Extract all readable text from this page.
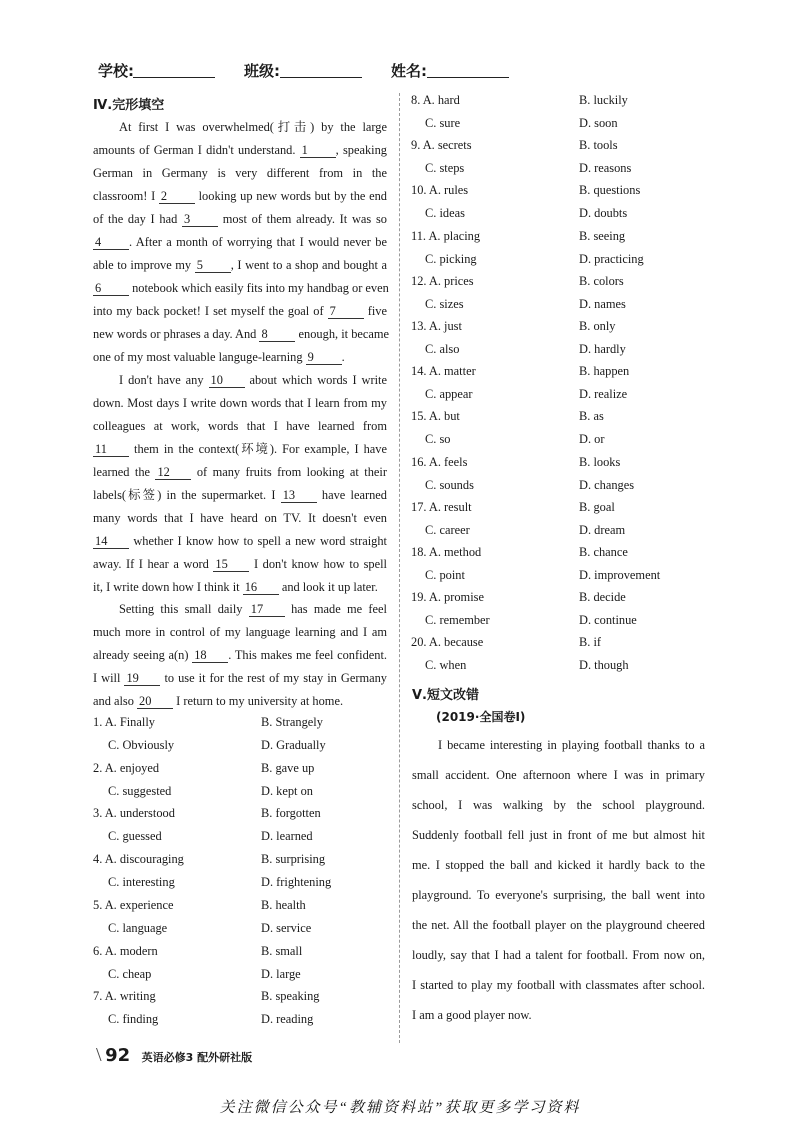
学校:	班级:	姓名:
Ⅳ.完形填空
At first I was overwhelmed(打击) by the large
amounts of German I didn't understand. 1 , speaking
German in Germany is very different from in the
classroom! I 2 looking up new words but by the end
of the day I had 3 most of them already. It was so
4 . After a month of worrying that I would never be
able to improve my 5 , I went to a shop and bought a
6 notebook which easily fits into my handbag or even
into my back pocket! I set myself the goal of 7 five
new words or phrases a day. And 8 enough, it became
one of my most valuable languge-learning 9 .
I don't have any 10 about which words I write
down. Most days I write down words that I learn from my
colleagues at work, words that I have learned from
11 them in the context(环境). For example, I have
learned the 12 of many fruits from looking at their
labels(标签) in the supermarket. I 13 have learned
many words that I have heard on TV. It doesn't even
14 whether I know how to spell a new word straight
away. If I hear a word 15 I don't know how to spell
it, I write down how I think it 16 and look it up later.
Setting this small daily 17 has made me feel
much more in control of my language learning and I am
already seeing a(n) 18 . This makes me feel confident.
I will 19 to use it for the rest of my stay in Germany
and also 20 I return to my university at home.
1. A. Finally	B. Strangely
C. Obviously	D. Gradually
2. A. enjoyed	B. gave up
C. suggested	D. kept on
3. A. understood	B. forgotten
C. guessed	D. learned
4. A. discouraging	B. surprising
C. interesting	D. frightening
5. A. experience	B. health
C. language	D. service
6. A. modern	B. small
C. cheap	D. large
7. A. writing	B. speaking
C. finding	D. reading
8. A. hard	B. luckily
C. sure	D. soon
9. A. secrets	B. tools
C. steps	D. reasons
10. A. rules	B. questions
C. ideas	D. doubts
11. A. placing	B. seeing
C. picking	D. practicing
12. A. prices	B. colors
C. sizes	D. names
13. A. just	B. only
C. also	D. hardly
14. A. matter	B. happen
C. appear	D. realize
15. A. but	B. as
C. so	D. or
16. A. feels	B. looks
C. sounds	D. changes
17. A. result	B. goal
C. career	D. dream
18. A. method	B. chance
C. point	D. improvement
19. A. promise	B. decide
C. remember	D. continue
20. A. because	B. if
C. when	D. though
Ⅴ.短文改错
(2019·全国卷Ⅰ)
I became interesting in playing football thanks to a
small accident. One afternoon where I was in primary
school, I was walking by the school playground.
Suddenly football fell just in front of me but almost hit
me. I stopped the ball and kicked it hardly back to the
playground. To everyone's surprising, the ball went into
the net. All the football player on the playground cheered
loudly, say that I had a talent for football. From now on,
I started to play my football with classmates after school.
I am a good player now.
\ 92 英语必修3 配外研社版
关注微信公众号“教辅资料站”获取更多学习资料
